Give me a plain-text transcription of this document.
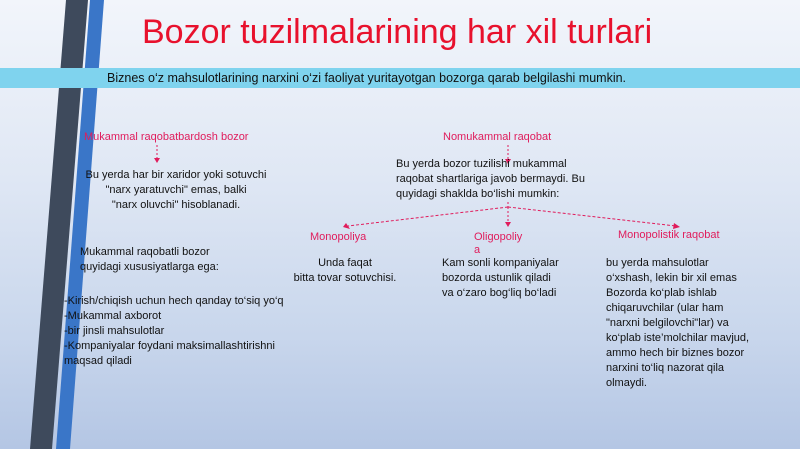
Bozor tuzilmalarining har xil turlari
Biznes o‘z mahsulotlarining narxini o‘zi faoliyat yuritayotgan bozorga qarab belgilashi mumkin.
Mukammal raqobatbardosh bozor
Bu yerda har bir xaridor yoki sotuvchi
"narx yaratuvchi" emas, balki
"narx oluvchi" hisoblanadi.
Mukammal raqobatli bozor
quyidagi xususiyatlarga ega:
-Kirish/chiqish uchun hech qanday to‘siq yo‘q
-Mukammal axborot
-bir jinsli mahsulotlar
-Kompaniyalar foydani maksimallashtirishni
maqsad qiladi
Nomukammal raqobat
Bu yerda bozor tuzilishi mukammal
raqobat shartlariga javob bermaydi. Bu
quyidagi shaklda bo‘lishi mumkin:
Monopoliya
Unda faqat
bitta tovar sotuvchisi.
Oligopoliy
a
Kam sonli kompaniyalar
bozorda ustunlik qiladi
va o‘zaro bog‘liq bo‘ladi
Monopolistik raqobat
bu yerda mahsulotlar
o‘xshash, lekin bir xil emas
Bozorda ko‘plab ishlab
chiqaruvchilar (ular ham
"narxni belgilovchi"lar) va
ko‘plab iste’molchilar mavjud,
ammo hech bir biznes bozor
narxini to‘liq nazorat qila
olmaydi.
